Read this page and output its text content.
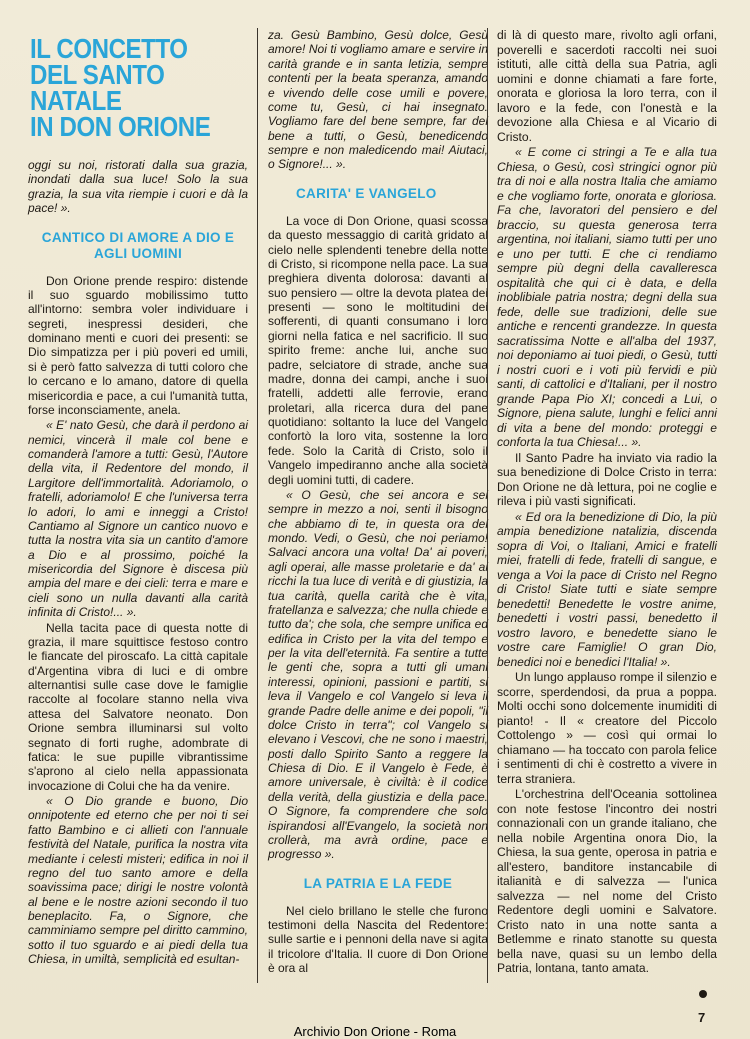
IL CONCETTO
DEL SANTO
NATALE
IN DON ORIONE

oggi su noi, ristorati dalla sua grazia, inondati dalla sua luce! Solo la sua grazia, la sua vita riempie i cuori e dà la pace! ».

CANTICO DI AMORE A DIO E AGLI UOMINI

Don Orione prende respiro: distende il suo sguardo mobilissimo tutto all'intorno: sembra voler individuare i segreti, inespressi desideri, che dominano menti e cuori dei presenti: se Dio simpatizza per i più poveri ed umili, si è però fatto salvezza di tutti coloro che lo cercano e lo amano, datore di quella misericordia e pace, a cui l'umanità tutta, forse inconsciamente, anela.

« E' nato Gesù, che darà il perdono ai nemici, vincerà il male col bene e comanderà l'amore a tutti: Gesù, l'Autore della vita, il Redentore del mondo, il Largitore dell'immortalità. Adoriamolo, o fratelli, adoriamolo! E che l'universa terra lo adori, lo ami e inneggi a Cristo! Cantiamo al Signore un cantico nuovo e tutta la nostra vita sia un cantito d'amore a Dio e al prossimo, poiché la misericordia del Signore è discesa più ampia del mare e dei cieli: terra e mare e cieli sono un nulla davanti alla carità infinita di Cristo!... ».

Nella tacita pace di questa notte di grazia, il mare squittisce festoso contro le fiancate del piroscafo. La città capitale d'Argentina vibra di luci e di ombre alternantisi sulle case dove le famiglie raccolte al focolare stanno nella viva attesa del Salvatore neonato. Don Orione sembra illuminarsi sul volto segnato di forti rughe, adombrate di fatica: le sue pupille vibrantissime s'aprono al cielo nella appassionata invocazione di Colui che ha da venire.

« O Dio grande e buono, Dio onnipotente ed eterno che per noi ti sei fatto Bambino e ci allieti con l'annuale festività del Natale, purifica la nostra vita mediante i celesti misteri; edifica in noi il regno del tuo santo amore e della soavissima pace; dirigi le nostre volontà al bene e le nostre azioni secondo il tuo beneplacito. Fa, o Signore, che camminiamo sempre pel diritto cammino, sotto il tuo sguardo e ai piedi della tua Chiesa, in umiltà, semplicità ed esultan-

za. Gesù Bambino, Gesù dolce, Gesù amore! Noi ti vogliamo amare e servire in carità grande e in santa letizia, sempre contenti per la beata speranza, amando e vivendo delle cose umili e povere, come tu, Gesù, ci hai insegnato. Vogliamo fare del bene sempre, far del bene a tutti, o Gesù, benedicendo sempre e non maledicendo mai! Aiutaci, o Signore!... ».

CARITA' E VANGELO

La voce di Don Orione, quasi scossa da questo messaggio di carità gridato al cielo nelle splendenti tenebre della notte di Cristo, si ricompone nella pace. La sua preghiera diventa dolorosa: davanti al suo pensiero — oltre la devota platea dei presenti — sono le moltitudini dei sofferenti, di quanti consumano i loro giorni nella fatica e nel sacrificio. Il suo spirito freme: anche lui, anche suo padre, selciatore di strade, anche sua madre, donna dei campi, anche i suoi fratelli, addetti alle ferrovie, erano proletari, alla ricerca dura del pane quotidiano: soltanto la luce del Vangelo confortò la loro vita, sostenne la loro fede. Solo la Carità di Cristo, solo il Vangelo impediranno anche alla società degli uomini tutti, di cadere.

« O Gesù, che sei ancora e sei sempre in mezzo a noi, senti il bisogno che abbiamo di te, in questa ora del mondo. Vedi, o Gesù, che noi periamo! Salvaci ancora una volta! Da' ai poveri, agli operai, alle masse proletarie e da' ai ricchi la tua luce di verità e di giustizia, la tua carità, quella carità che è vita, fratellanza e salvezza; che nulla chiede e tutto da'; che sola, che sempre unifica ed edifica in Cristo per la vita del tempo e per la vita dell'eternità. Fa sentire a tutte le genti che, sopra a tutti gli umani interessi, opinioni, passioni e partiti, si leva il Vangelo e col Vangelo si leva il grande Padre delle anime e dei popoli, "il dolce Cristo in terra"; col Vangelo si elevano i Vescovi, che ne sono i maestri, posti dallo Spirito Santo a reggere la Chiesa di Dio. E il Vangelo è Fede, è amore universale, è civiltà: è il codice della verità, della giustizia e della pace. O Signore, fa comprendere che solo ispirandosi all'Evangelo, la società non crollerà, ma avrà ordine, pace e progresso ».

LA PATRIA E LA FEDE

Nel cielo brillano le stelle che furono testimoni della Nascita del Redentore: sulle sartie e i pennoni della nave si agita il tricolore d'Italia. Il cuore di Don Orione è ora al

di là di questo mare, rivolto agli orfani, poverelli e sacerdoti raccolti nei suoi istituti, alle città della sua Patria, agli uomini e donne chiamati a fare forte, onorata e gloriosa la loro terra, con il lavoro e la fede, con l'onestà e la devozione alla Chiesa e al Vicario di Cristo.

« E come ci stringi a Te e alla tua Chiesa, o Gesù, così stringici ognor più tra di noi e alla nostra Italia che amiamo e che vogliamo forte, onorata e gloriosa. Fa che, lavoratori del pensiero e del braccio, su questa generosa terra argentina, noi italiani, siamo tutti per uno e uno per tutti. E che ci rendiamo sempre più degni della cavalleresca ospitalità che qui ci è data, e della inoblibiale patria nostra; degni della sua fede, delle sue tradizioni, delle sue antiche e rencenti grandezze. In questa sacratissima Notte e all'alba del 1937, noi deponiamo ai tuoi piedi, o Gesù, tutti i nostri cuori e i voti più fervidi e più santi, di cattolici e d'Italiani, per il nostro grande Papa Pio XI; concedi a Lui, o Signore, piena salute, lunghi e felici anni di vita a bene del mondo: proteggi e conforta la tua Chiesa!... ».

Il Santo Padre ha inviato via radio la sua benedizione di Dolce Cristo in terra: Don Orione ne dà lettura, poi ne coglie e rileva i più vasti significati.

« Ed ora la benedizione di Dio, la più ampia benedizione natalizia, discenda sopra di Voi, o Italiani, Amici e fratelli miei, fratelli di fede, fratelli di sangue, e venga a Voi la pace di Cristo nel Regno di Cristo! Siate tutti e siate sempre benedetti! Benedette le vostre anime, benedetti i vostri passi, benedetto il vostro lavoro, e benedette siano le vostre care Famiglie! O gran Dio, benedici noi e benedici l'Italia! ».

Un lungo applauso rompe il silenzio e scorre, sperdendosi, da prua a poppa. Molti occhi sono dolcemente inumiditi di pianto! - Il « creatore del Piccolo Cottolengo » — così qui ormai lo chiamano — ha toccato con parola felice i sentimenti di chi è costretto a vivere in terra straniera.

L'orchestrina dell'Oceania sottolinea con note festose l'incontro dei nostri connazionali con un grande italiano, che nella nobile Argentina onora Dio, la Chiesa, la sua gente, operosa in patria e all'estero, banditore instancabile di italianità e di salvezza — l'unica salvezza — nel nome del Cristo Redentore degli uomini e Salvatore. Cristo nato in una notte santa a Betlemme e rinato stanotte su questa bella nave, quasi su un lembo della Patria, lontana, tanto amata.

7
Archivio Don Orione - Roma
